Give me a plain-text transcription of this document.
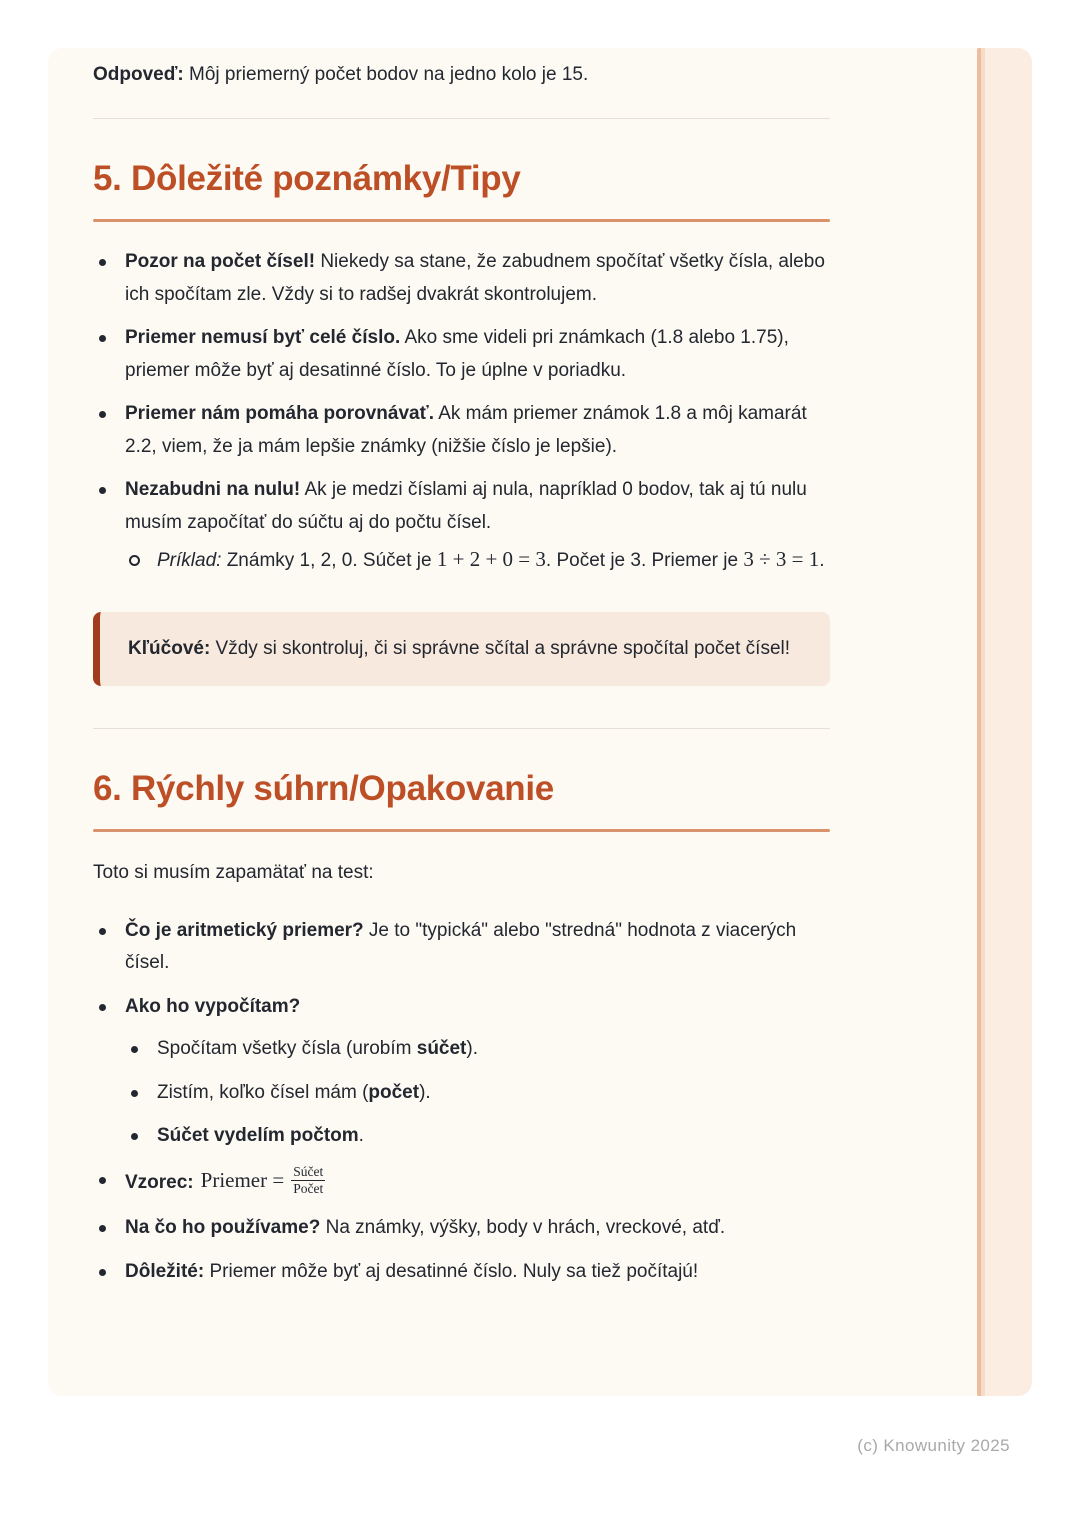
Odpoveď: Môj priemerný počet bodov na jedno kolo je 15.

5. Dôležité poznámky/Tipy
Pozor na počet čísel! Niekedy sa stane, že zabudnem spočítať všetky čísla, alebo ich spočítam zle. Vždy si to radšej dvakrát skontrolujem.
Priemer nemusí byť celé číslo. Ako sme videli pri známkach (1.8 alebo 1.75), priemer môže byť aj desatinné číslo. To je úplne v poriadku.
Priemer nám pomáha porovnávať. Ak mám priemer známok 1.8 a môj kamarát 2.2, viem, že ja mám lepšie známky (nižšie číslo je lepšie).
Nezabudni na nulu! Ak je medzi číslami aj nula, napríklad 0 bodov, tak aj tú nulu musím započítať do súčtu aj do počtu čísel.
Príklad: Známky 1, 2, 0. Súčet je 1 + 2 + 0 = 3. Počet je 3. Priemer je 3 ÷ 3 = 1.
Kľúčové: Vždy si skontroluj, či si správne sčítal a správne spočítal počet čísel!
6. Rýchly súhrn/Opakovanie

Toto si musím zapamätať na test:

Čo je aritmetický priemer? Je to "typická" alebo "stredná" hodnota z viacerých čísel.
Ako ho vypočítam?
Spočítam všetky čísla (urobím súčet).
Zistím, koľko čísel mám (počet).
Súčet vydelím počtom.
Vzorec: Priemer = $\frac{\text{Súčet}}{\text{Počet}}$
Na čo ho používame? Na známky, výšky, body v hrách, vreckové, atď.
Dôležité: Priemer môže byť aj desatinné číslo. Nuly sa tiež počítajú!
(c) Knowunity 2025
